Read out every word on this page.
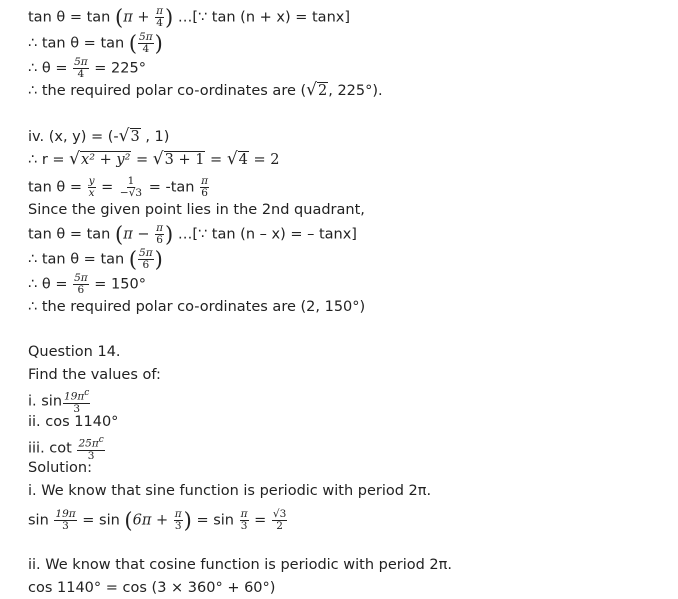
$\tan \theta = \tan (\pi + \frac{\pi}{4}$ ) …[∵ tan (n + x) = tanx]
∴ tan θ = tan ( $\frac{5\pi}{4}$ )
∴ $\theta = \frac{5\pi}{4} = 225^\circ$
∴ the required polar co-ordinates are (√2, 225°).
iv. (x, y) = (-√3 , 1)
∴ r = √x² + y² = √3 + 1 = √4 = 2
$\tan \theta = \frac{y}{x} = \frac{1}{-√3} = -\tan \frac{\pi}{6}$
Since the given point lies in the 2nd quadrant,
$\tan \theta = \tan (\pi - \frac{\pi}{6}$ ) …[∵ tan (n – x) = – tanx]
∴ tan θ = tan ( $\frac{5\pi}{6}$ )
∴ $\theta = \frac{5\pi}{6} = 150^\circ$
∴ the required polar co-ordinates are (2, 150°)
Question 14.
Find the values of:
i. $\sin \frac{19\pi c}{3}$
ii. cos 1140°
iii. $\cot \frac{25\pi c}{3}$
Solution:
i. We know that sine function is periodic with period 2π.
$\sin \frac{19\pi}{3} = \sin (6\pi + \frac{\pi}{3}$ ) = $\sin \frac{\pi}{3} = \frac{√3}{2}$
ii. We know that cosine function is periodic with period 2π.
cos 1140° = cos (3 × 360° + 60°)
